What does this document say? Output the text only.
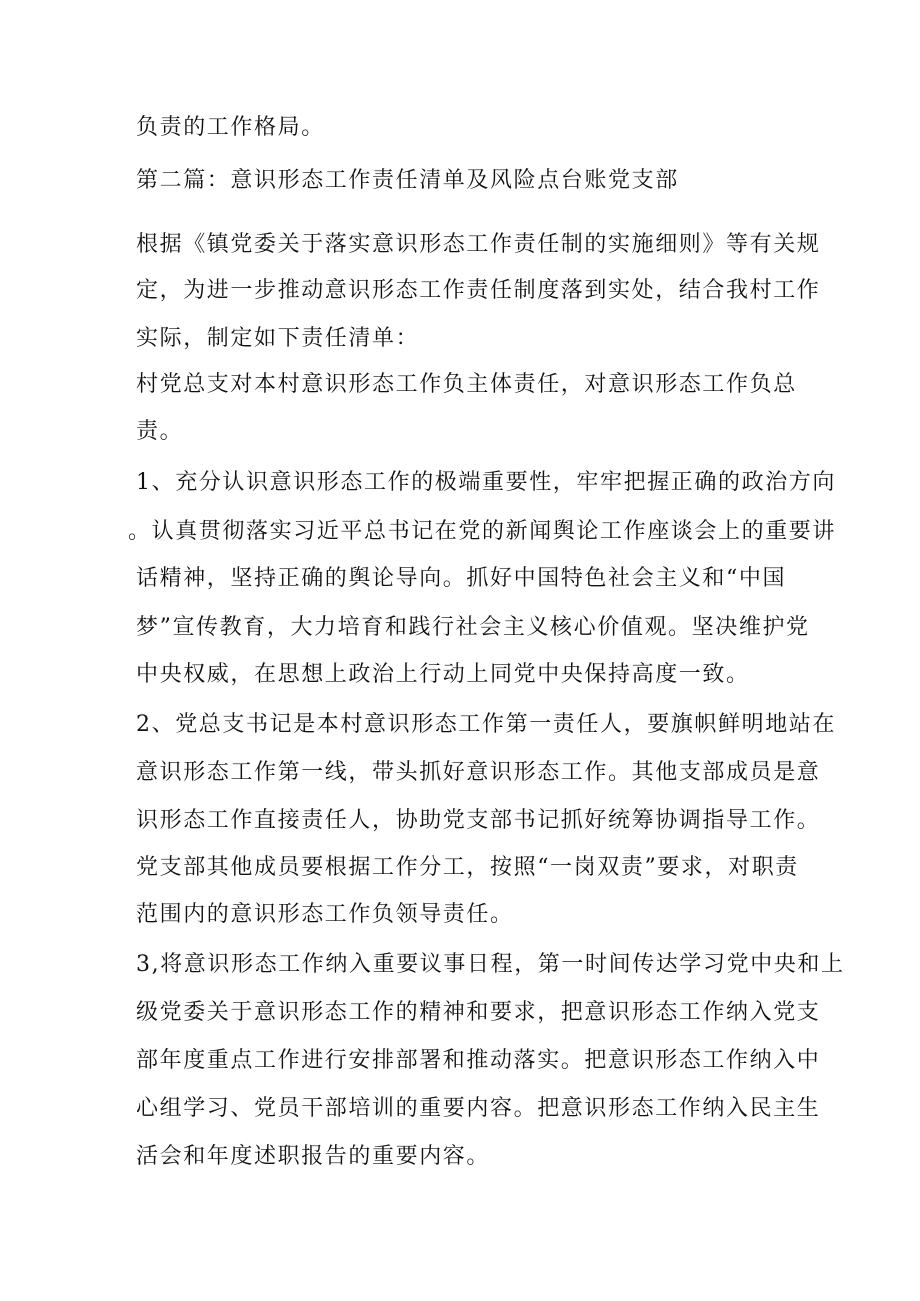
负责的工作格局。
第二篇：意识形态工作责任清单及风险点台账党支部
根据《镇党委关于落实意识形态工作责任制的实施细则》等有关规
定，为进一步推动意识形态工作责任制度落到实处，结合我村工作
实际，制定如下责任清单：
村党总支对本村意识形态工作负主体责任，对意识形态工作负总
责。
1、充分认识意识形态工作的极端重要性，牢牢把握正确的政治方向
。认真贯彻落实习近平总书记在党的新闻舆论工作座谈会上的重要讲
话精神，坚持正确的舆论导向。抓好中国特色社会主义和“中国
梦”宣传教育，大力培育和践行社会主义核心价值观。坚决维护党
中央权威，在思想上政治上行动上同党中央保持高度一致。
2、党总支书记是本村意识形态工作第一责任人，要旗帜鲜明地站在
意识形态工作第一线，带头抓好意识形态工作。其他支部成员是意
识形态工作直接责任人，协助党支部书记抓好统筹协调指导工作。
党支部其他成员要根据工作分工，按照“一岗双责”要求，对职责
范围内的意识形态工作负领导责任。
3,将意识形态工作纳入重要议事日程，第一时间传达学习党中央和上
级党委关于意识形态工作的精神和要求，把意识形态工作纳入党支
部年度重点工作进行安排部署和推动落实。把意识形态工作纳入中
心组学习、党员干部培训的重要内容。把意识形态工作纳入民主生
活会和年度述职报告的重要内容。
